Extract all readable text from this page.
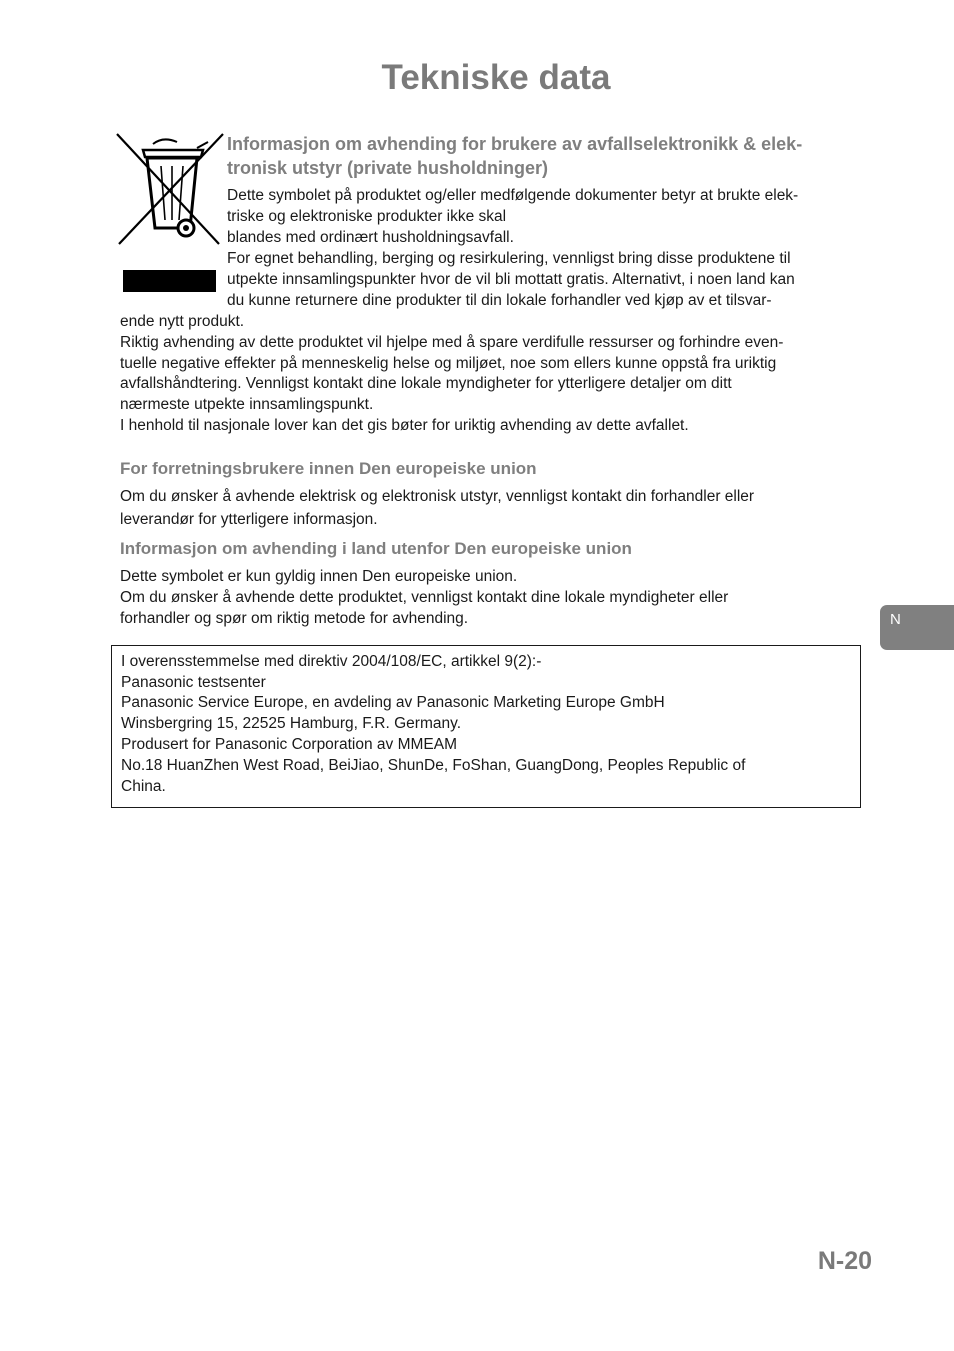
Tekniske data
Informasjon om avhending for brukere av avfallselektronikk & elek-
tronisk utstyr (private husholdninger)
Dette symbolet på produktet og/eller medfølgende dokumenter betyr at brukte elek-
triske og elektroniske produkter ikke skal
blandes med ordinært husholdningsavfall.
For egnet behandling, berging og resirkulering, vennligst bring disse produktene til
utpekte innsamlingspunkter hvor de vil bli mottatt gratis. Alternativt, i noen land kan
du kunne returnere dine produkter til din lokale forhandler ved kjøp av et tilsvar-
ende nytt produkt.
Riktig avhending av dette produktet vil hjelpe med å spare verdifulle ressurser og forhindre even-
tuelle negative effekter på menneskelig helse og miljøet, noe som ellers kunne oppstå fra uriktig
avfallshåndtering. Vennligst kontakt dine lokale myndigheter for ytterligere detaljer om ditt
nærmeste utpekte innsamlingspunkt.
I henhold til nasjonale lover kan det gis bøter for uriktig avhending av dette avfallet.
For forretningsbrukere innen Den europeiske union
Om du ønsker å avhende elektrisk og elektronisk utstyr, vennligst kontakt din forhandler eller
leverandør for ytterligere informasjon.
Informasjon om avhending i land utenfor Den europeiske union
Dette symbolet er kun gyldig innen Den europeiske union.
Om du ønsker å avhende dette produktet, vennligst kontakt dine lokale myndigheter eller
forhandler og spør om riktig metode for avhending.	N
I overensstemmelse med direktiv 2004/108/EC, artikkel 9(2):-
Panasonic testsenter
Panasonic Service Europe, en avdeling av Panasonic Marketing Europe GmbH
Winsbergring 15, 22525 Hamburg, F.R. Germany.
Produsert for Panasonic Corporation av MMEAM
No.18 HuanZhen West Road, BeiJiao, ShunDe, FoShan, GuangDong, Peoples Republic of
China.
N-20
